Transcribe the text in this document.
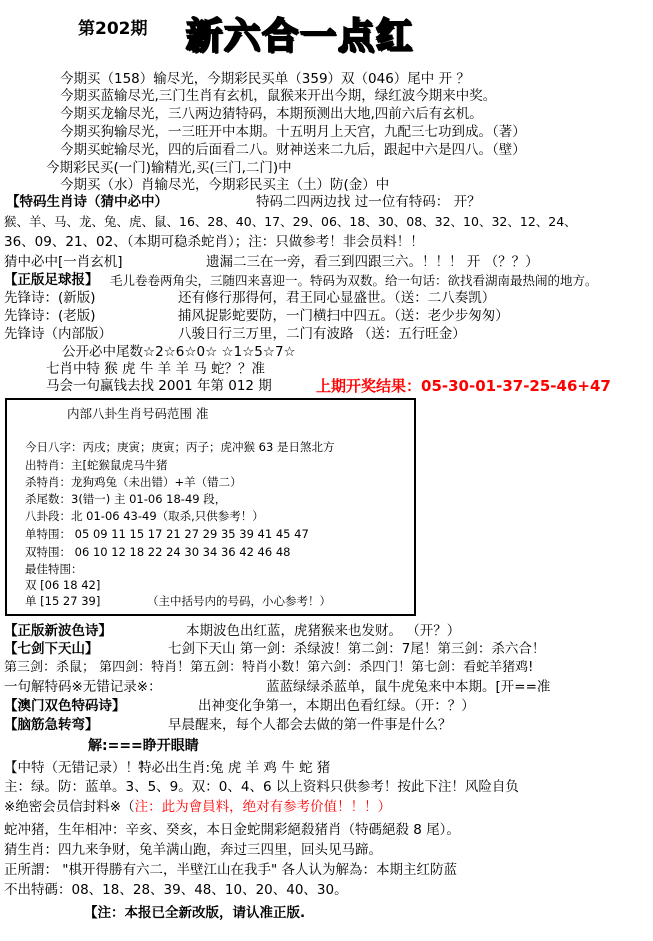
第202期 新六合一点红
今期买（158）输尽光，今期彩民买单（359）双（046）尾中 开 ？
今期买蓝输尽光,三门生肖有玄机，鼠猴来开出今期，绿红波今期来中奖。
今期买龙输尽光，三八两边猜特码，本期预测出大地,四前六后有玄机。
今期买狗输尽光，一三旺开中本期。十五明月上天宫，九配三七功到成。（著）
今期买蛇输尽光，四的后面看二八。财神送来二九后，跟起中六是四八。（壁）
今期彩民买(一门)输精光,买(三门,二门)中
今期买（水）肖输尽光，今期彩民买主（土）防(金）中
【特码生肖诗（猜中必中）	特码二四两边找 过一位有特码： 开？
猴、羊、马、龙、兔、虎、鼠、16、28、40、17、29、06、18、30、08、32、10、32、12、24、
36、09、21、02、（本期可稳杀蛇肖）；注：只做参考！非会员料！！
猜中必中[一肖玄机]	遗漏二三在一旁，看三到四跟三六。！！！ 开 （？？）
【正版足球报】 毛儿卷卷两角尖，三随四来喜迎一。特码为双数。给一句话：欲找看湖南最热闹的地方。
先锋诗：(新版)	还有修行那得何，君王同心显盛世。（送：二八奏凯）
先锋诗：(老版)	捕风捉影蛇要防，一门横扫中四五。（送：老少步匆匆）
先锋诗（内部版）	八骏日行三万里，二门有波路 （送：五行旺金）
公开必中尾数☆2☆6☆0☆ ☆1☆5☆7☆
七肖中特 猴 虎 牛 羊 羊 马 蛇？？准
马会一句赢钱去找 2001 年第 012 期	上期开奖结果：05-30-01-37-25-46+47
内部八卦生肖号码范围 准
今日八字：丙戌；庚寅；庚寅；丙子；虎冲猴 63 是日煞北方
出特肖：主[蛇猴鼠虎马牛猪
杀特肖：龙狗鸡兔（未出错）+羊（错二）
杀尾数：3(错一) 主 01-06 18-49 段，
八卦段：北 01-06 43-49（取杀,只供参考！）
单特围： 05 09 11 15 17 21 27 29 35 39 41 45 47
双特围： 06 10 12 18 22 24 30 34 36 42 46 48
最佳特围：
双 [06 18 42]
单 [15 27 39]	（主中括号内的号码，小心参考！）
【正版新波色诗】	本期波色出红蓝，虎猪猴来也发财。 （开？）
【七剑下天山】	七剑下天山 第一剑：杀绿波！第二剑：7尾！第三剑：杀六合！
第三剑：杀鼠； 第四剑：特肖！第五剑：特肖小数！第六剑：杀四门！第七剑：看蛇羊猪鸡!
一句解特码※无错记录※：	蓝蓝绿绿杀蓝单，鼠牛虎兔来中本期。[开==准
【澳门双色特码诗】	出神变化争第一，本期出色看红绿。（开：？）
【脑筋急转弯】	早晨醒来，每个人都会去做的第一件事是什么？
解:===睁开眼睛
【中特（无错记录）！！
特必出生肖:兔 虎 羊 鸡 牛 蛇 猪
主：绿。防：蓝单。3、5、9。双：0、4、6 以上资料只供参考！按此下注！风险自负
※绝密会员信封料※（注：此为會員料，绝对有参考价值！！！）
蛇冲猪，生年相冲：辛亥、癸亥，本日金蛇開彩絕殺猪肖（特碼絕殺 8 尾）。
猜生肖：四九来争财，兔羊满山跑，奔过三四里，回头见马蹄。
正所謂： "棋开得勝有六二，半壁江山在我手" 各人认为解為：本期主红防蓝
不出特碼：08、18、28、39、48、10、20、40、30。
【注：本报已全新改版，请认准正版.
